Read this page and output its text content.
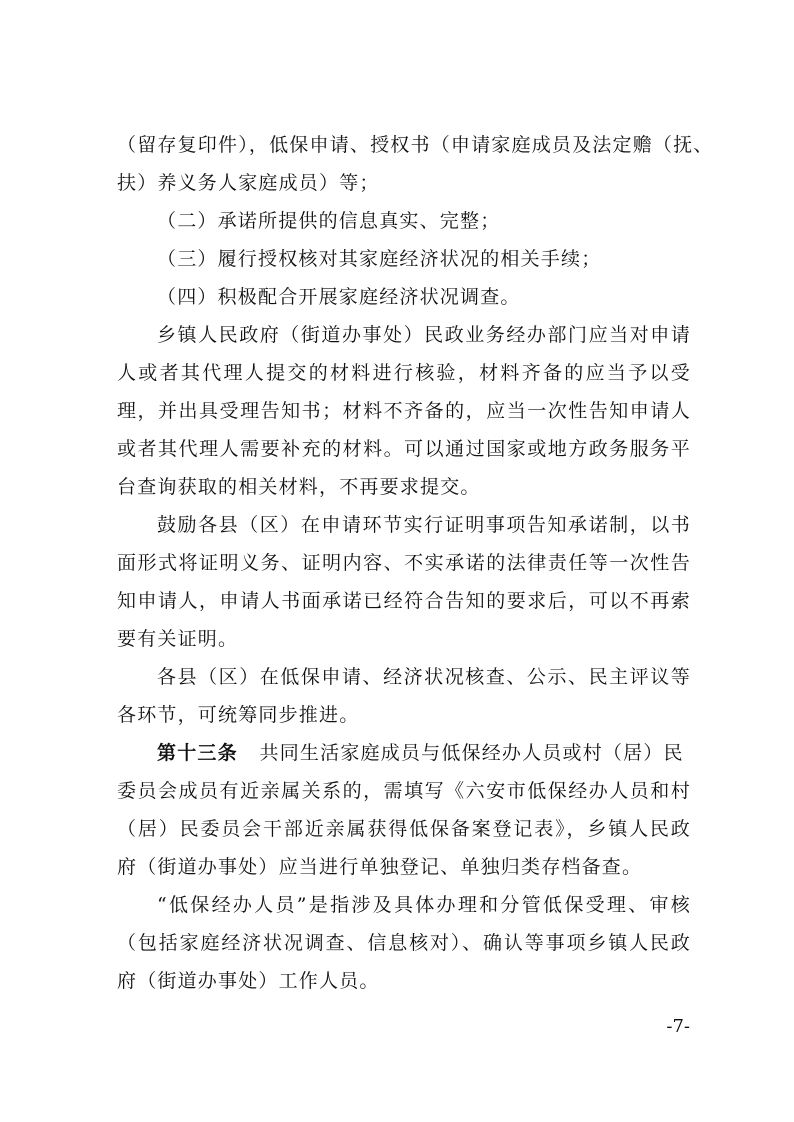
（留存复印件），低保申请、授权书（申请家庭成员及法定赡（抚、
扶）养义务人家庭成员）等；
（二）承诺所提供的信息真实、完整；
（三）履行授权核对其家庭经济状况的相关手续；
（四）积极配合开展家庭经济状况调查。
乡镇人民政府（街道办事处）民政业务经办部门应当对申请
人或者其代理人提交的材料进行核验，材料齐备的应当予以受
理，并出具受理告知书；材料不齐备的，应当一次性告知申请人
或者其代理人需要补充的材料。可以通过国家或地方政务服务平
台查询获取的相关材料，不再要求提交。
鼓励各县（区）在申请环节实行证明事项告知承诺制，以书
面形式将证明义务、证明内容、不实承诺的法律责任等一次性告
知申请人，申请人书面承诺已经符合告知的要求后，可以不再索
要有关证明。
各县（区）在低保申请、经济状况核查、公示、民主评议等
各环节，可统筹同步推进。
第十三条 共同生活家庭成员与低保经办人员或村（居）民
委员会成员有近亲属关系的，需填写《六安市低保经办人员和村
（居）民委员会干部近亲属获得低保备案登记表》，乡镇人民政
府（街道办事处）应当进行单独登记、单独归类存档备查。
“低保经办人员”是指涉及具体办理和分管低保受理、审核
（包括家庭经济状况调查、信息核对）、确认等事项乡镇人民政
府（街道办事处）工作人员。
-7-
